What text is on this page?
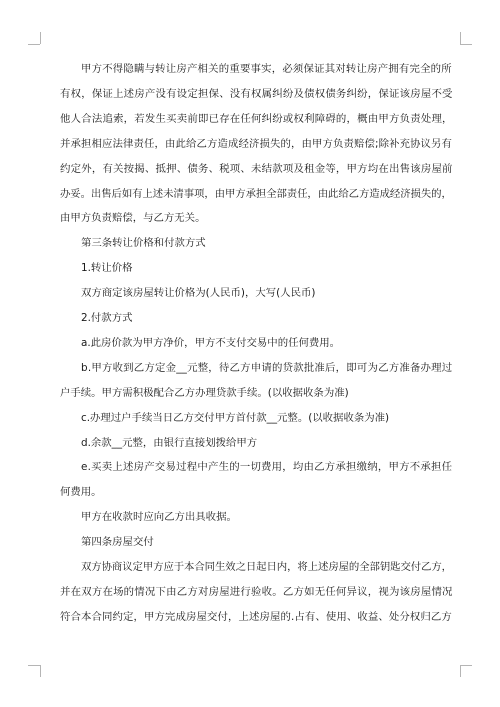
甲方不得隐瞒与转让房产相关的重要事实，必须保证其对转让房产拥有完全的所
有权，保证上述房产没有设定担保、没有权属纠纷及债权债务纠纷，保证该房屋不受
他人合法追索，若发生买卖前即已存在任何纠纷或权利障碍的，概由甲方负责处理，
并承担相应法律责任，由此给乙方造成经济损失的，由甲方负责赔偿;除补充协议另有
约定外，有关按揭、抵押、债务、税项、未结款项及租金等，甲方均在出售该房屋前
办妥。出售后如有上述未清事项，由甲方承担全部责任，由此给乙方造成经济损失的，
由甲方负责赔偿，与乙方无关。
第三条转让价格和付款方式
1.转让价格
双方商定该房屋转让价格为(人民币)，大写(人民币)
2.付款方式
a.此房价款为甲方净价，甲方不支付交易中的任何费用。
b.甲方收到乙方定金__元整，待乙方申请的贷款批准后，即可为乙方准备办理过
户手续。甲方需积极配合乙方办理贷款手续。(以收据收条为准)
c.办理过户手续当日乙方交付甲方首付款__元整。(以收据收条为准)
d.余款__元整，由银行直接划拨给甲方
e.买卖上述房产交易过程中产生的一切费用，均由乙方承担缴纳，甲方不承担任
何费用。
甲方在收款时应向乙方出具收据。
第四条房屋交付
双方协商议定甲方应于本合同生效之日起日内，将上述房屋的全部钥匙交付乙方，
并在双方在场的情况下由乙方对房屋进行验收。乙方如无任何异议，视为该房屋情况
符合本合同约定，甲方完成房屋交付，上述房屋的.占有、使用、收益、处分权归乙方
